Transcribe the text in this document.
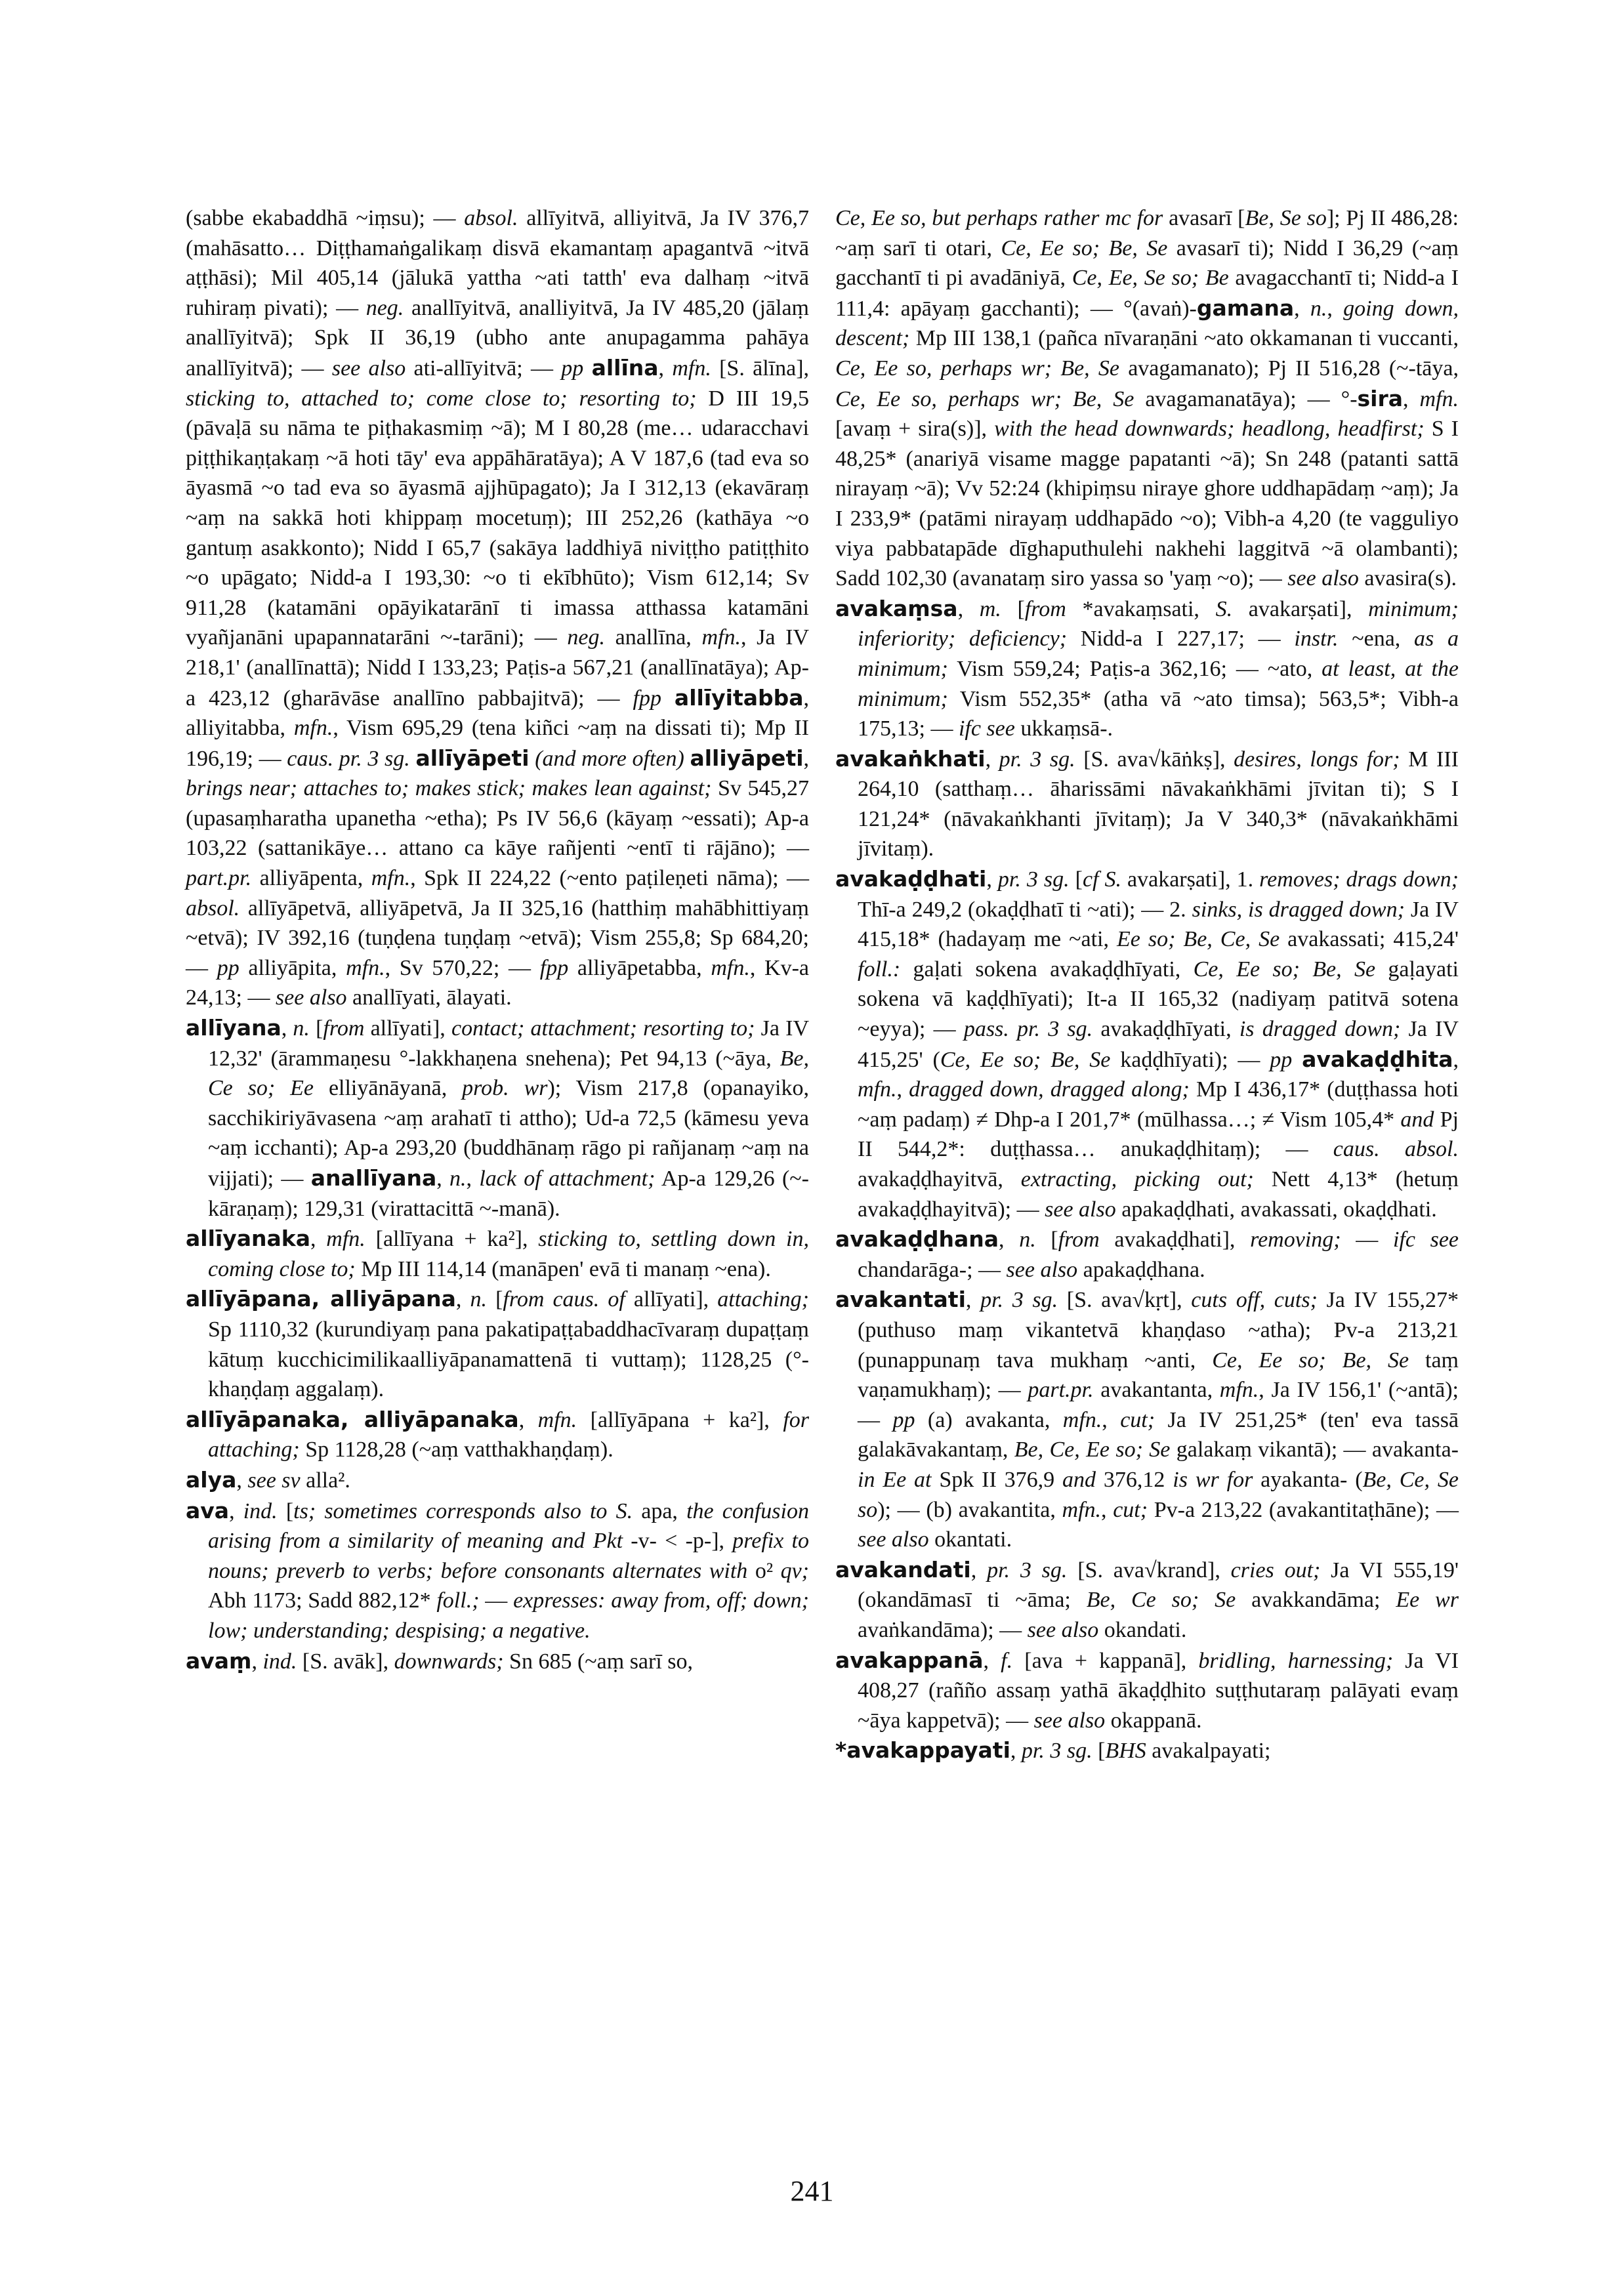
(sabbe ekabaddhā ~iṃsu); — absol. allīyitvā, alliyitvā, Ja IV 376,7 (mahāsatto… Diṭṭhamaṅgalikaṃ disvā ekamantaṃ apagantvā ~itvā aṭṭhāsi); Mil 405,14 (jālukā yattha ~ati tatth' eva dalhaṃ ~itvā ruhiraṃ pivati); — neg. anallīyitvā, analliyitvā, Ja IV 485,20 (jālaṃ anallīyitvā); Spk II 36,19 (ubho ante anupagamma pahāya anallīyitvā); — see also ati-allīyitvā; — pp allīna, mfn. [S. ālīna], sticking to, attached to; come close to; resorting to; D III 19,5 (pāvaḷā su nāma te piṭhakasmiṃ ~ā); M I 80,28 (me… udaracchavi piṭṭhikaṇṭakaṃ ~ā hoti tāy' eva appāhāratāya); A V 187,6 (tad eva so āyasmā ~o tad eva so āyasmā ajjhūpagato); Ja I 312,13 (ekavāraṃ ~aṃ na sakkā hoti khippaṃ mocetuṃ); III 252,26 (kathāya ~o gantuṃ asakkonto); Nidd I 65,7 (sakāya laddhiyā niviṭṭho patiṭṭhito ~o upāgato; Nidd-a I 193,30: ~o ti ekībhūto); Vism 612,14; Sv 911,28 (katamāni opāyikatarānī ti imassa atthassa katamāni vyañjanāni upapannatarāni ~-tarāni); — neg. anallīna, mfn., Ja IV 218,1' (anallīnattā); Nidd I 133,23; Paṭis-a 567,21 (anallīnatāya); Ap-a 423,12 (gharāvāse anallīno pabbajitvā); — fpp allīyitabba, alliyitabba, mfn., Vism 695,29 (tena kiñci ~aṃ na dissati ti); Mp II 196,19; — caus. pr. 3 sg. allīyāpeti (and more often) alliyāpeti, brings near; attaches to; makes stick; makes lean against; Sv 545,27 (upasaṃharatha upanetha ~etha); Ps IV 56,6 (kāyaṃ ~essati); Ap-a 103,22 (sattanikāye… attano ca kāye rañjenti ~entī ti rājāno); — part.pr. alliyāpenta, mfn., Spk II 224,22 (~ento paṭileṇeti nāma); — absol. allīyāpetvā, alliyāpetvā, Ja II 325,16 (hatthiṃ mahābhittiyaṃ ~etvā); IV 392,16 (tuṇḍena tuṇḍaṃ ~etvā); Vism 255,8; Sp 684,20; — pp alliyāpita, mfn., Sv 570,22; — fpp alliyāpetabba, mfn., Kv-a 24,13; — see also anallīyati, ālayati.

allīyana, n. [from allīyati], contact; attachment; resorting to; Ja IV 12,32' (ārammaṇesu °-lakkhaṇena snehena); Pet 94,13 (~āya, Be, Ce so; Ee elliyānāyanā, prob. wr); Vism 217,8 (opanayiko, sacchikiriyāvasena ~aṃ arahatī ti attho); Ud-a 72,5 (kāmesu yeva ~aṃ icchanti); Ap-a 293,20 (buddhānaṃ rāgo pi rañjanaṃ ~aṃ na vijjati); — anallīyana, n., lack of attachment; Ap-a 129,26 (~-kāraṇaṃ); 129,31 (virattacittā ~-manā).

allīyanaka, mfn. [allīyana + ka²], sticking to, settling down in, coming close to; Mp III 114,14 (manāpen' evā ti manaṃ ~ena).

allīyāpana, alliyāpana, n. [from caus. of allīyati], attaching; Sp 1110,32 (kurundiyaṃ pana pakatipaṭṭabaddhacīvaraṃ dupaṭṭaṃ kātuṃ kucchicimilikaalliyāpanamattenā ti vuttaṃ); 1128,25 (°-khaṇḍaṃ aggalaṃ).

allīyāpanaka, alliyāpanaka, mfn. [allīyāpana + ka²], for attaching; Sp 1128,28 (~aṃ vatthakhaṇḍaṃ).

alya, see sv alla².

ava, ind. [ts; sometimes corresponds also to S. apa, the confusion arising from a similarity of meaning and Pkt -v- < -p-], prefix to nouns; preverb to verbs; before consonants alternates with o² qv; Abh 1173; Sadd 882,12* foll.; — expresses: away from, off; down; low; understanding; despising; a negative.

avaṃ, ind. [S. avāk], downwards; Sn 685 (~aṃ sarī so,

Ce, Ee so, but perhaps rather mc for avasarī [Be, Se so]; Pj II 486,28: ~aṃ sarī ti otari, Ce, Ee so; Be, Se avasarī ti); Nidd I 36,29 (~aṃ gacchantī ti pi avadāniyā, Ce, Ee, Se so; Be avagacchantī ti; Nidd-a I 111,4: apāyaṃ gacchanti); — °(avaṅ)-gamana, n., going down, descent; Mp III 138,1 (pañca nīvaraṇāni ~ato okkamanan ti vuccanti, Ce, Ee so, perhaps wr; Be, Se avagamanato); Pj II 516,28 (~-tāya, Ce, Ee so, perhaps wr; Be, Se avagamanatāya); — °-sira, mfn. [avaṃ + sira(s)], with the head downwards; headlong, headfirst; S I 48,25* (anariyā visame magge papatanti ~ā); Sn 248 (patanti sattā nirayaṃ ~ā); Vv 52:24 (khipiṃsu niraye ghore uddhapādaṃ ~aṃ); Ja I 233,9* (patāmi nirayaṃ uddhapādo ~o); Vibh-a 4,20 (te vagguliyo viya pabbatapāde dīghaputhulehi nakhehi laggitvā ~ā olambanti); Sadd 102,30 (avanataṃ siro yassa so 'yaṃ ~o); — see also avasira(s).

avakaṃsa, m. [from *avakaṃsati, S. avakarṣati], minimum; inferiority; deficiency; Nidd-a I 227,17; — instr. ~ena, as a minimum; Vism 559,24; Paṭis-a 362,16; — ~ato, at least, at the minimum; Vism 552,35* (atha vā ~ato timsa); 563,5*; Vibh-a 175,13; — ifc see ukkaṃsā-.

avakaṅkhati, pr. 3 sg. [S. ava√kāṅkṣ], desires, longs for; M III 264,10 (satthaṃ… āharissāmi nāvakaṅkhāmi jīvitan ti); S I 121,24* (nāvakaṅkhanti jīvitaṃ); Ja V 340,3* (nāvakaṅkhāmi jīvitaṃ).

avakaḍḍhati, pr. 3 sg. [cf S. avakarṣati], 1. removes; drags down; Thī-a 249,2 (okaḍḍhatī ti ~ati); — 2. sinks, is dragged down; Ja IV 415,18* (hadayaṃ me ~ati, Ee so; Be, Ce, Se avakassati; 415,24' foll.: gaḷati sokena avakaḍḍhīyati, Ce, Ee so; Be, Se gaḷayati sokena vā kaḍḍhīyati); It-a II 165,32 (nadiyaṃ patitvā sotena ~eyya); — pass. pr. 3 sg. avakaḍḍhīyati, is dragged down; Ja IV 415,25' (Ce, Ee so; Be, Se kaḍḍhīyati); — pp avakaḍḍhita, mfn., dragged down, dragged along; Mp I 436,17* (duṭṭhassa hoti ~aṃ padaṃ) ≠ Dhp-a I 201,7* (mūlhassa…; ≠ Vism 105,4* and Pj II 544,2*: duṭṭhassa… anukaḍḍhitaṃ); — caus. absol. avakaḍḍhayitvā, extracting, picking out; Nett 4,13* (hetuṃ avakaḍḍhayitvā); — see also apakaḍḍhati, avakassati, okaḍḍhati.

avakaḍḍhana, n. [from avakaḍḍhati], removing; — ifc see chandarāga-; — see also apakaḍḍhana.

avakantati, pr. 3 sg. [S. ava√kṛt], cuts off, cuts; Ja IV 155,27* (puthuso maṃ vikantetvā khaṇḍaso ~atha); Pv-a 213,21 (punappunaṃ tava mukhaṃ ~anti, Ce, Ee so; Be, Se taṃ vaṇamukhaṃ); — part.pr. avakantanta, mfn., Ja IV 156,1' (~antā); — pp (a) avakanta, mfn., cut; Ja IV 251,25* (ten' eva tassā galakāvakantaṃ, Be, Ce, Ee so; Se galakaṃ vikantā); — avakanta- in Ee at Spk II 376,9 and 376,12 is wr for ayakanta- (Be, Ce, Se so); — (b) avakantita, mfn., cut; Pv-a 213,22 (avakantitaṭhāne); — see also okantati.

avakandati, pr. 3 sg. [S. ava√krand], cries out; Ja VI 555,19' (okandāmasī ti ~āma; Be, Ce so; Se avakkandāma; Ee wr avaṅkandāma); — see also okandati.

avakappanā, f. [ava + kappanā], bridling, harnessing; Ja VI 408,27 (rañño assaṃ yathā ākaḍḍhito suṭṭhutaraṃ palāyati evaṃ ~āya kappetvā); — see also okappanā.

*avakappayati, pr. 3 sg. [BHS avakalpayati;

241
